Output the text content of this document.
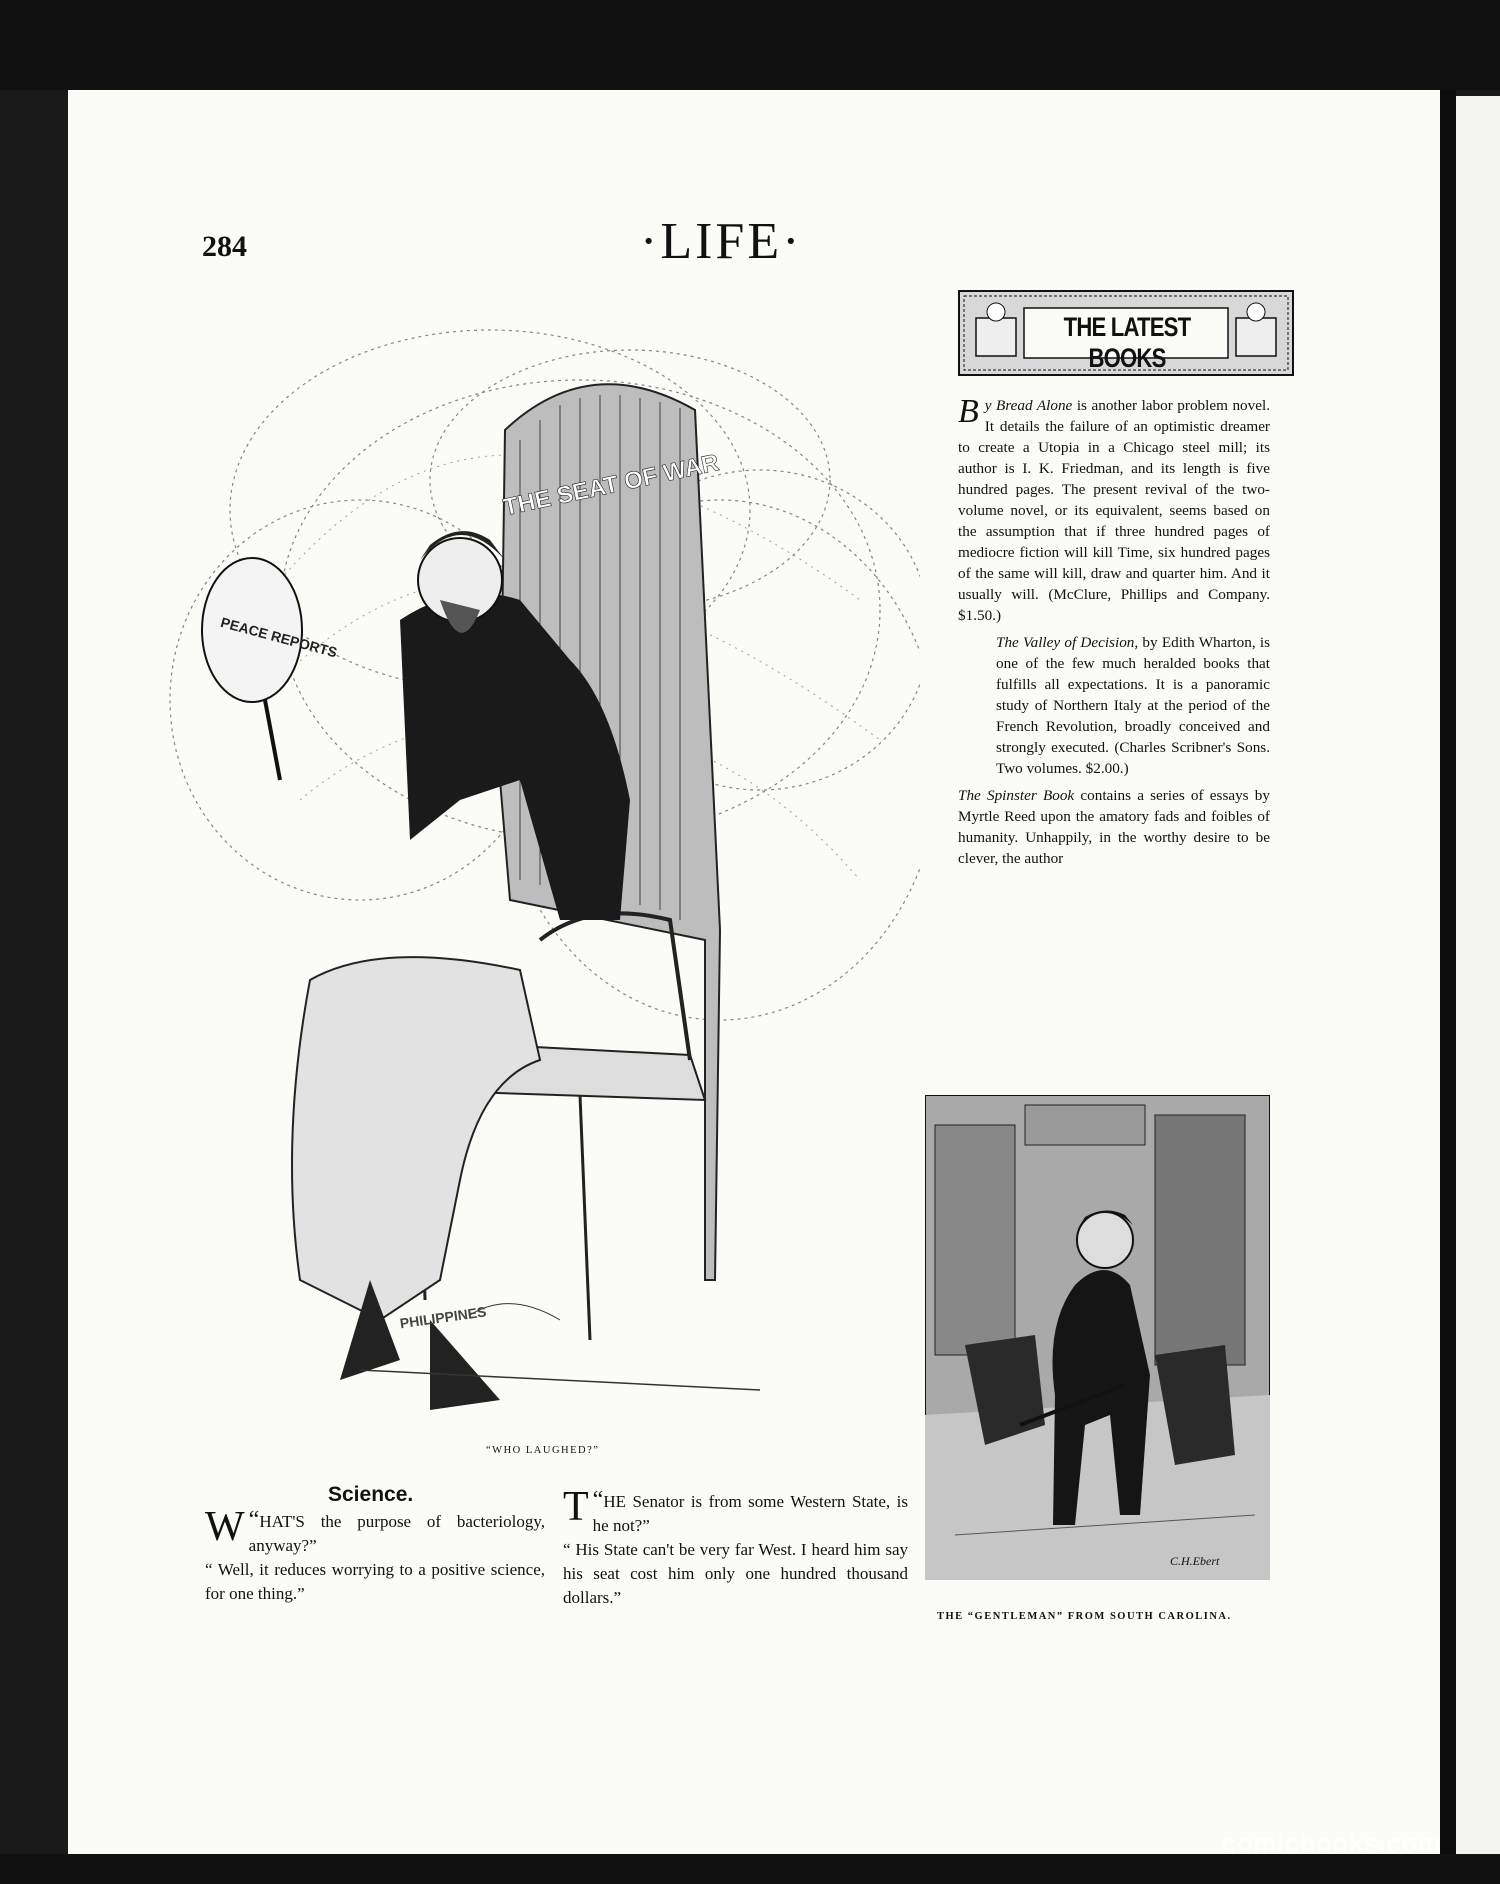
284	·LIFE·
THE SEAT OF WAR
PEACE REPORTS
PHILIPPINES
“WHO LAUGHED?”
THE LATEST BOOKS

By Bread Alone is another labor problem novel. It details the failure of an optimistic dreamer to create a Utopia in a Chicago steel mill; its author is I. K. Friedman, and its length is five hundred pages. The present revival of the two-volume novel, or its equivalent, seems based on the assumption that if three hundred pages of mediocre fiction will kill Time, six hundred pages of the same will kill, draw and quarter him. And it usually will. (McClure, Phillips and Company. $1.50.)

The Valley of Decision, by Edith Wharton, is one of the few much heralded books that fulfills all expectations. It is a panoramic study of Northern Italy at the period of the French Revolution, broadly conceived and strongly executed. (Charles Scribner's Sons. Two volumes. $2.00.)

The Spinster Book contains a series of essays by Myrtle Reed upon the amatory fads and foibles of humanity. Unhappily, in the worthy desire to be clever, the author

C.H.Ebert
THE “GENTLEMAN” FROM SOUTH CAROLINA.
Science.
“
W HAT'S the purpose of bacteriology, anyway?”
“ Well, it reduces worrying to a positive science, for one thing.”
“
T HE Senator is from some Western State, is he not?”
“ His State can't be very far West. I heard him say his seat cost him only one hundred thousand dollars.”
comicbooks.com
